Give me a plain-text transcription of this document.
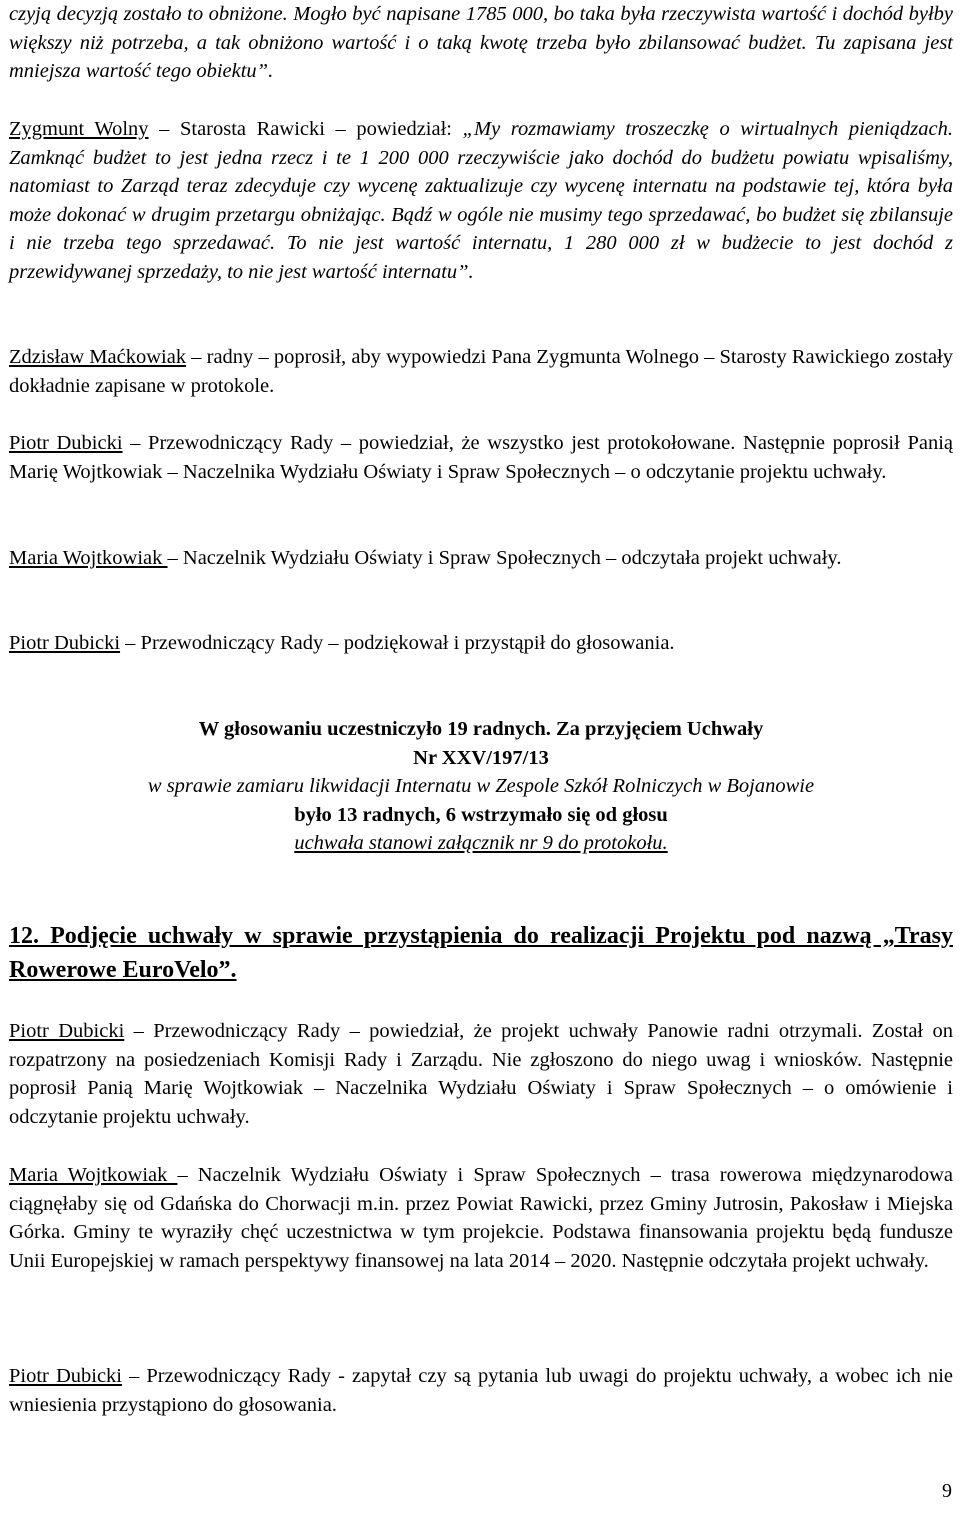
czyją decyzją zostało to obniżone. Mogło być napisane 1785 000, bo taka była rzeczywista wartość i dochód byłby większy niż potrzeba, a tak obniżono wartość i o taką kwotę trzeba było zbilansować budżet. Tu zapisana jest mniejsza wartość tego obiektu”.

Zygmunt Wolny – Starosta Rawicki – powiedział: „My rozmawiamy troszeczkę o wirtualnych pieniądzach. Zamknąć budżet to jest jedna rzecz i te 1 200 000 rzeczywiście jako dochód do budżetu powiatu wpisaliśmy, natomiast to Zarząd teraz zdecyduje czy wycenę zaktualizuje czy wycenę internatu na podstawie tej, która była może dokonać w drugim przetargu obniżając. Bądź w ogóle nie musimy tego sprzedawać, bo budżet się zbilansuje i nie trzeba tego sprzedawać. To nie jest wartość internatu, 1 280 000 zł w budżecie to jest dochód z przewidywanej sprzedaży, to nie jest wartość internatu”.

Zdzisław Maćkowiak – radny – poprosił, aby wypowiedzi Pana Zygmunta Wolnego – Starosty Rawickiego zostały dokładnie zapisane w protokole.

Piotr Dubicki – Przewodniczący Rady – powiedział, że wszystko jest protokołowane. Następnie poprosił Panią Marię Wojtkowiak – Naczelnika Wydziału Oświaty i Spraw Społecznych – o odczytanie projektu uchwały.

Maria Wojtkowiak – Naczelnik Wydziału Oświaty i Spraw Społecznych – odczytała projekt uchwały.

Piotr Dubicki – Przewodniczący Rady – podziękował i przystąpił do głosowania.

W głosowaniu uczestniczyło 19 radnych. Za przyjęciem Uchwały

Nr XXV/197/13

w sprawie zamiaru likwidacji Internatu w Zespole Szkół Rolniczych w Bojanowie

było 13 radnych, 6 wstrzymało się od głosu

uchwała stanowi załącznik nr 9 do protokołu.

12. Podjęcie uchwały w sprawie przystąpienia do realizacji Projektu pod nazwą „Trasy Rowerowe EuroVelo”.

Piotr Dubicki – Przewodniczący Rady – powiedział, że projekt uchwały Panowie radni otrzymali. Został on rozpatrzony na posiedzeniach Komisji Rady i Zarządu. Nie zgłoszono do niego uwag i wniosków. Następnie poprosił Panią Marię Wojtkowiak – Naczelnika Wydziału Oświaty i Spraw Społecznych – o omówienie i odczytanie projektu uchwały.

Maria Wojtkowiak – Naczelnik Wydziału Oświaty i Spraw Społecznych – trasa rowerowa międzynarodowa ciągnęłaby się od Gdańska do Chorwacji m.in. przez Powiat Rawicki, przez Gminy Jutrosin, Pakosław i Miejska Górka. Gminy te wyraziły chęć uczestnictwa w tym projekcie. Podstawa finansowania projektu będą fundusze Unii Europejskiej w ramach perspektywy finansowej na lata 2014 – 2020. Następnie odczytała projekt uchwały.

Piotr Dubicki – Przewodniczący Rady - zapytał czy są pytania lub uwagi do projektu uchwały, a wobec ich nie wniesienia przystąpiono do głosowania.

9
